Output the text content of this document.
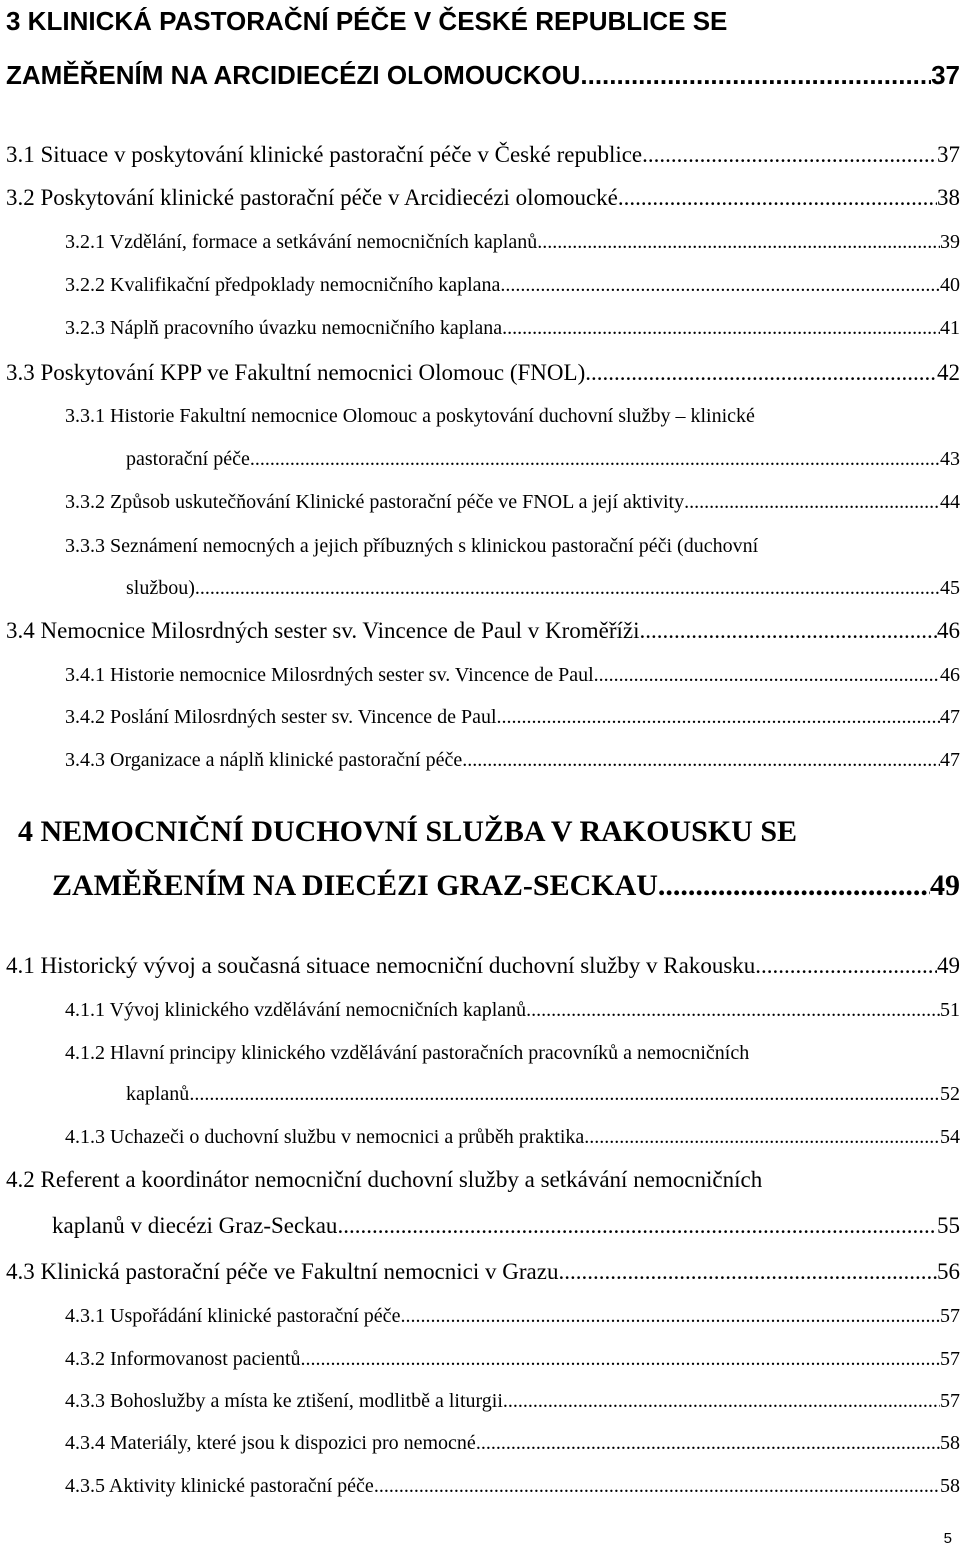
3 KLINICKÁ PASTORAČNÍ PÉČE V ČESKÉ REPUBLICE SE
ZAMĚŘENÍM NA ARCIDIECÉZI OLOMOUCKOU .....	37
3.1 Situace v poskytování klinické pastorační péče v České republice .....	37
3.2 Poskytování klinické pastorační péče v Arcidiecézi olomoucké .....	38
3.2.1 Vzdělání, formace a setkávání nemocničních kaplanů .....	39
3.2.2 Kvalifikační předpoklady nemocničního kaplana .....	40
3.2.3 Náplň pracovního úvazku nemocničního kaplana .....	41
3.3 Poskytování KPP ve Fakultní nemocnici Olomouc (FNOL) .....	42
3.3.1 Historie Fakultní nemocnice Olomouc a poskytování duchovní služby – klinické
pastorační péče .....	43
3.3.2 Způsob uskutečňování Klinické pastorační péče ve FNOL a její aktivity .....	44
3.3.3 Seznámení nemocných a jejich příbuzných s klinickou pastorační péči (duchovní
službou) .....	45
3.4 Nemocnice Milosrdných sester sv. Vincence de Paul v Kroměříži .....	46
3.4.1 Historie nemocnice Milosrdných sester sv. Vincence de Paul .....	46
3.4.2 Poslání Milosrdných sester sv. Vincence de Paul .....	47
3.4.3 Organizace a náplň klinické pastorační péče .....	47
4 NEMOCNIČNÍ DUCHOVNÍ SLUŽBA V RAKOUSKU SE
ZAMĚŘENÍM NA DIECÉZI GRAZ-SECKAU .....	49
4.1 Historický vývoj a současná situace nemocniční duchovní služby v Rakousku .....	49
4.1.1 Vývoj klinického vzdělávání nemocničních kaplanů .....	51
4.1.2 Hlavní principy klinického vzdělávání pastoračních pracovníků a nemocničních
kaplanů .....	52
4.1.3 Uchazeči o duchovní službu v nemocnici a průběh praktika .....	54
4.2 Referent a koordinátor nemocniční duchovní služby a setkávání nemocničních
kaplanů v diecézi Graz-Seckau .....	55
4.3 Klinická pastorační péče ve Fakultní nemocnici v Grazu .....	56
4.3.1 Uspořádání klinické pastorační péče .....	57
4.3.2 Informovanost pacientů .....	57
4.3.3 Bohoslužby a místa ke ztišení, modlitbě a liturgii .....	57
4.3.4 Materiály, které jsou k dispozici pro nemocné .....	58
4.3.5 Aktivity klinické pastorační péče .....	58
5
